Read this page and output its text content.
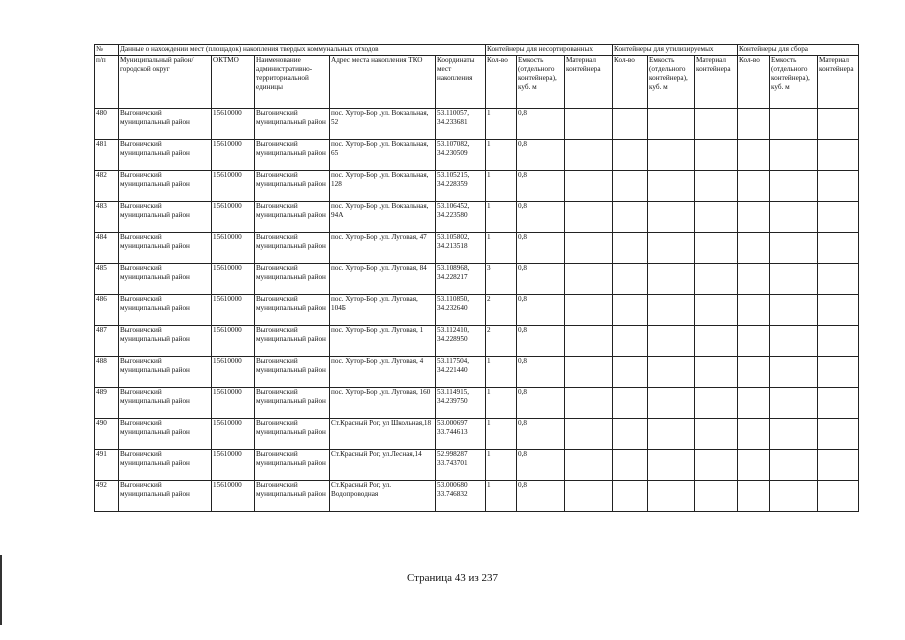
№	Данные о нахождении мест (площадок) накопления твердых коммунальных отходов					Контейнеры для несортированных			Контейнеры для утилизируемых			Контейнеры для сбора		
п/п	Муниципальный район/городской округ	ОКТМО	Наименование административно-территориальной единицы	Адрес места накопления ТКО	Координаты мест накопления	Кол-во	Емкость (отдельного контейнера), куб. м	Материал контейнера	Кол-во	Емкость (отдельного контейнера), куб. м	Материал контейнера	Кол-во	Емкость (отдельного контейнера), куб. м	Материал контейнера
480	Выгоничский муниципальный район	15610000	Выгоничский муниципальный район	пос. Хутор-Бор ,ул. Вокзальная, 52	53.110057, 34.233681	1	0,8							
481	Выгоничский муниципальный район	15610000	Выгоничский муниципальный район	пос. Хутор-Бор ,ул. Вокзальная, 65	53.107082, 34.230509	1	0,8							
482	Выгоничский муниципальный район	15610000	Выгоничский муниципальный район	пос. Хутор-Бор ,ул. Вокзальная, 128	53.105215, 34.228359	1	0,8							
483	Выгоничский муниципальный район	15610000	Выгоничский муниципальный район	пос. Хутор-Бор ,ул. Вокзальная, 94А	53.106452, 34.223580	1	0,8							
484	Выгоничский муниципальный район	15610000	Выгоничский муниципальный район	пос. Хутор-Бор ,ул. Луговая, 47	53.105802, 34.213518	1	0,8							
485	Выгоничский муниципальный район	15610000	Выгоничский муниципальный район	пос. Хутор-Бор ,ул. Луговая, 84	53.108968, 34.228217	3	0,8							
486	Выгоничский муниципальный район	15610000	Выгоничский муниципальный район	пос. Хутор-Бор ,ул. Луговая, 104Б	53.110850, 34.232640	2	0,8							
487	Выгоничский муниципальный район	15610000	Выгоничский муниципальный район	пос. Хутор-Бор ,ул. Луговая, 1	53.112410, 34.228950	2	0,8							
488	Выгоничский муниципальный район	15610000	Выгоничский муниципальный район	пос. Хутор-Бор ,ул. Луговая, 4	53.117504, 34.221440	1	0,8							
489	Выгоничский муниципальный район	15610000	Выгоничский муниципальный район	пос. Хутор-Бор ,ул. Луговая, 160	53.114915, 34.239750	1	0,8							
490	Выгоничский муниципальный район	15610000	Выгоничский муниципальный район	Ст.Красный Рог, ул Школьная,18	53.000697 33.744613	1	0,8							
491	Выгоничский муниципальный район	15610000	Выгоничский муниципальный район	Ст.Красный Рог, ул.Лесная,14	52.998287 33.743701	1	0,8							
492	Выгоничский муниципальный район	15610000	Выгоничский муниципальный район	Ст.Красный Рог, ул. Водопроводная	53.000680 33.746832	1	0,8							
Страница 43 из 237
